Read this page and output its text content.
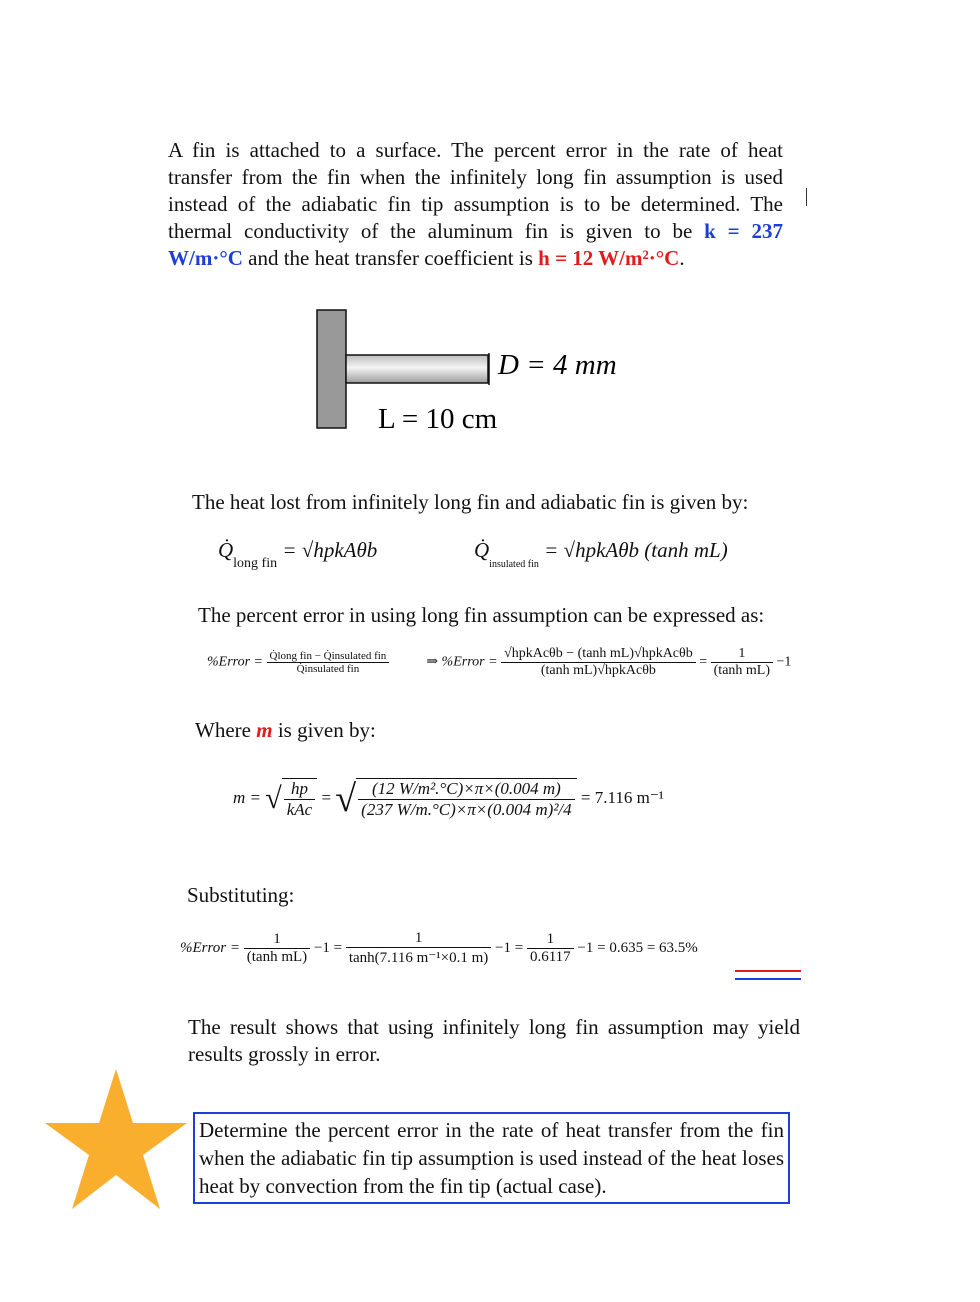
A fin is attached to a surface. The percent error in the rate of heat transfer from the fin when the infinitely long fin assumption is used instead of the adiabatic fin tip assumption is to be determined. The thermal conductivity of the aluminum fin is given to be k = 237 W/m·°C and the heat transfer coefficient is h = 12 W/m²·°C.
D = 4 mm
L = 10 cm
The heat lost from infinitely long fin and adiabatic fin is given by:
$Q̇_{long fin}$ = √hpkAθb	$Q̇_{insulated fin}$ = √hpkAθb (tanh mL)
The percent error in using long fin assumption can be expressed as:
%Error = $\frac{\text{Q̇long fin − Q̇insulated fin}}{\text{Q̇insulated fin}}$	⇒ %Error = $\frac{\text{√hpkAcθb − (tanh mL)√hpkAcθb}}{\text{(tanh mL)√hpkAcθb}} = \frac{1}{\text{(tanh mL)}} -1$
Where m is given by:
m = √ $\frac{hp}{\text{kAc}}$ = √ $\frac{\text{(12 W/m².°C)×π×(0.004 m)}}{\text{(237 W/m.°C)×π×(0.004 m)²/4}} = 7.116$ m⁻¹
Substituting:
%Error = $\frac{1}{\text{(tanh mL)}} -1 = \frac{1}{\text{tanh(7.116 m⁻¹×0.1 m)}} -1 = \frac{1}{0.6117} -1 = 0.635 = 63.5\%$
The result shows that using infinitely long fin assumption may yield results grossly in error.
Determine the percent error in the rate of heat transfer from the fin when the adiabatic fin tip assumption is used instead of the heat loses heat by convection from the fin tip (actual case).
